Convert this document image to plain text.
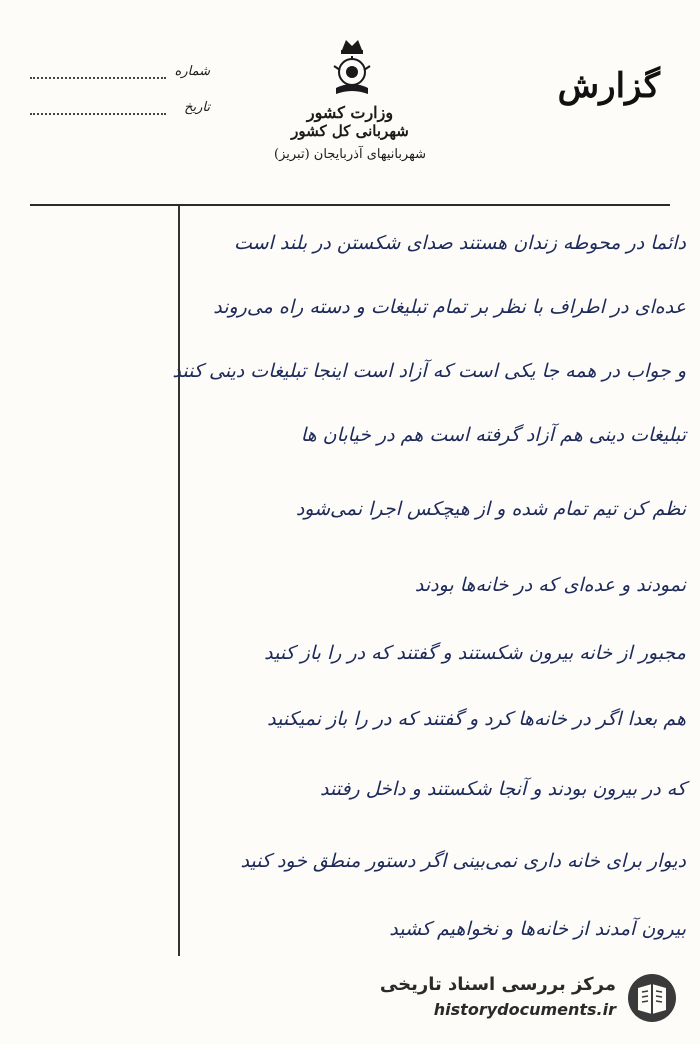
گزارش
وزارت کشور
شهربانی کل کشور
شهربانیهای آذربایجان (تبریز)
شماره
تاریخ
دائما در محوطه زندان هستند صدای شکستن در بلند است
عده‌ای در اطراف با نظر بر تمام تبلیغات و دسته راه می‌روند
و جواب در همه جا یکی است که آزاد است اینجا تبلیغات دینی کنند
تبلیغات دینی هم آزاد گرفته است هم در خیابان ها
نظم کن تیم تمام شده و از هیچکس اجرا نمی‌شود
نمودند و عده‌ای که در خانه‌ها بودند
مجبور از خانه بیرون شکستند و گفتند که در را باز کنید
هم بعدا اگر در خانه‌ها کرد و گفتند که در را باز نمیکنید
که در بیرون بودند و آنجا شکستند و داخل رفتند
دیوار برای خانه داری نمی‌بینی اگر دستور منطق خود کنید
بیرون آمدند از خانه‌ها و نخواهیم کشید
مرکز بررسی اسناد تاریخی
historydocuments.ir
